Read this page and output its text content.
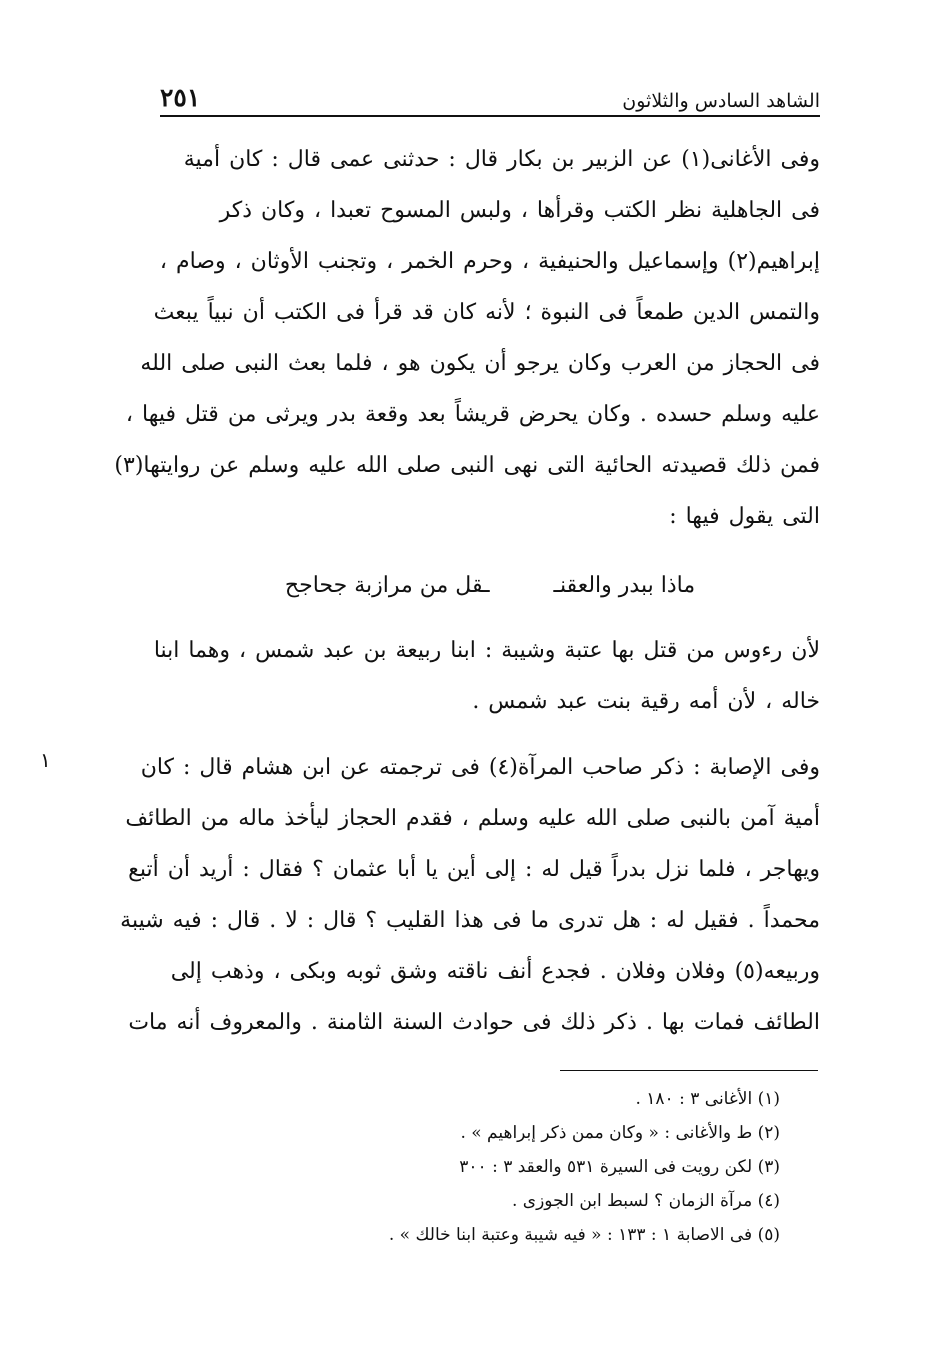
الشاهد السادس والثلاثون
٢٥١
وفى الأغانى(١) عن الزبير بن بكار قال : حدثنى عمى قال : كان أمية
فى الجاهلية نظر الكتب وقرأها ، ولبس المسوح تعبدا ، وكان ذكر
إبراهيم(٢) وإسماعيل والحنيفية ، وحرم الخمر ، وتجنب الأوثان ، وصام ،
والتمس الدين طمعاً فى النبوة ؛ لأنه كان قد قرأ فى الكتب أن نبياً يبعث
فى الحجاز من العرب وكان يرجو أن يكون هو ، فلما بعث النبى صلى الله
عليه وسلم حسده . وكان يحرض قريشاً بعد وقعة بدر ويرثى من قتل فيها ،
فمن ذلك قصيدته الحائية التى نهى النبى صلى الله عليه وسلم عن روايتها(٣)
التى يقول فيها :
ماذا ببدر والعقنـ
ـقل من مرازبة جحاجح
لأن رءوس من قتل بها عتبة وشيبة : ابنا ربيعة بن عبد شمس ، وهما ابنا
خاله ، لأن أمه رقية بنت عبد شمس .
١	وفى الإصابة : ذكر صاحب المرآة(٤) فى ترجمته عن ابن هشام قال : كان
أمية آمن بالنبى صلى الله عليه وسلم ، فقدم الحجاز ليأخذ ماله من الطائف
ويهاجر ، فلما نزل بدراً قيل له : إلى أين يا أبا عثمان ؟ فقال : أريد أن أتبع
محمداً . فقيل له : هل تدرى ما فى هذا القليب ؟ قال : لا . قال : فيه شيبة
وربيعه(٥) وفلان وفلان . فجدع أنف ناقته وشق ثوبه وبكى ، وذهب إلى
الطائف فمات بها . ذكر ذلك فى حوادث السنة الثامنة . والمعروف أنه مات
(١) الأغانى ٣ : ١٨٠ .
(٢) ط والأغانى : « وكان ممن ذكر إبراهيم » .
(٣) لكن رويت فى السيرة ٥٣١ والعقد ٣ : ٣٠٠
(٤) مرآة الزمان ؟ لسبط ابن الجوزى .
(٥) فى الاصابة ١ : ١٣٣ : « فيه شيبة وعتبة ابنا خالك » .
